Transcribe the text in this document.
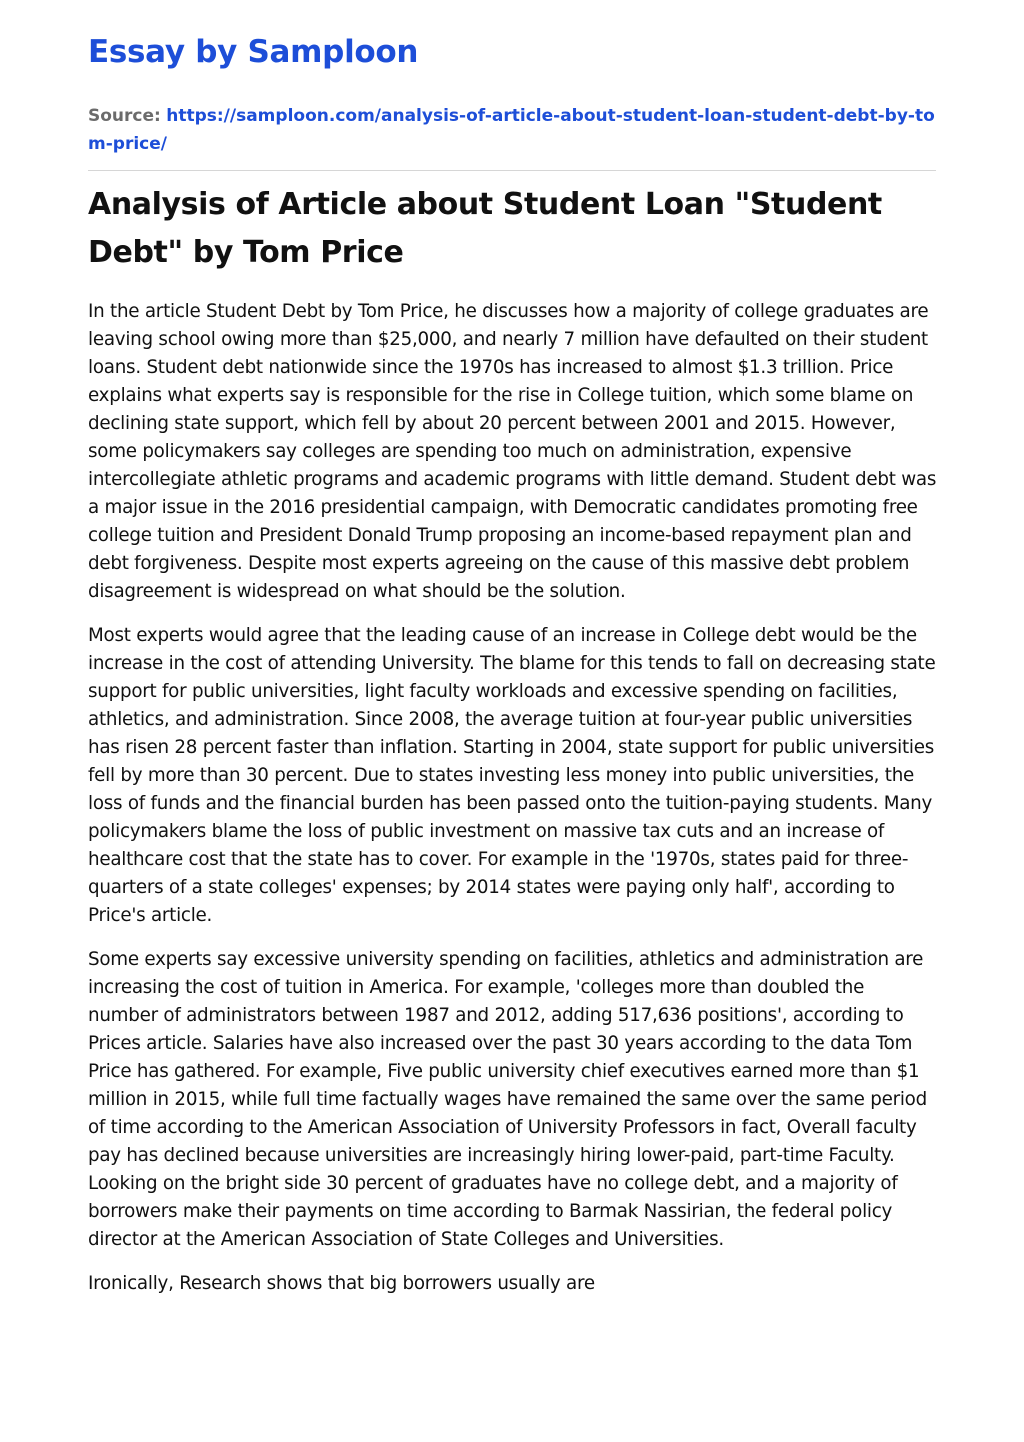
Essay by Samploon
Source: https://samploon.com/analysis-of-article-about-student-loan-student-debt-by-tom-price/
Analysis of Article about Student Loan "Student Debt" by Tom Price

In the article Student Debt by Tom Price, he discusses how a majority of college graduates are leaving school owing more than $25,000, and nearly 7 million have defaulted on their student loans. Student debt nationwide since the 1970s has increased to almost $1.3 trillion. Price explains what experts say is responsible for the rise in College tuition, which some blame on declining state support, which fell by about 20 percent between 2001 and 2015. However, some policymakers say colleges are spending too much on administration, expensive intercollegiate athletic programs and academic programs with little demand. Student debt was a major issue in the 2016 presidential campaign, with Democratic candidates promoting free college tuition and President Donald Trump proposing an income-based repayment plan and debt forgiveness. Despite most experts agreeing on the cause of this massive debt problem disagreement is widespread on what should be the solution.

Most experts would agree that the leading cause of an increase in College debt would be the increase in the cost of attending University. The blame for this tends to fall on decreasing state support for public universities, light faculty workloads and excessive spending on facilities, athletics, and administration. Since 2008, the average tuition at four-year public universities has risen 28 percent faster than inflation. Starting in 2004, state support for public universities fell by more than 30 percent. Due to states investing less money into public universities, the loss of funds and the financial burden has been passed onto the tuition-paying students. Many policymakers blame the loss of public investment on massive tax cuts and an increase of healthcare cost that the state has to cover. For example in the '1970s, states paid for three-quarters of a state colleges' expenses; by 2014 states were paying only half', according to Price's article.

Some experts say excessive university spending on facilities, athletics and administration are increasing the cost of tuition in America. For example, 'colleges more than doubled the number of administrators between 1987 and 2012, adding 517,636 positions', according to Prices article. Salaries have also increased over the past 30 years according to the data Tom Price has gathered. For example, Five public university chief executives earned more than $1 million in 2015, while full time factually wages have remained the same over the same period of time according to the American Association of University Professors in fact, Overall faculty pay has declined because universities are increasingly hiring lower-paid, part-time Faculty. Looking on the bright side 30 percent of graduates have no college debt, and a majority of borrowers make their payments on time according to Barmak Nassirian, the federal policy director at the American Association of State Colleges and Universities.

Ironically, Research shows that big borrowers usually are
